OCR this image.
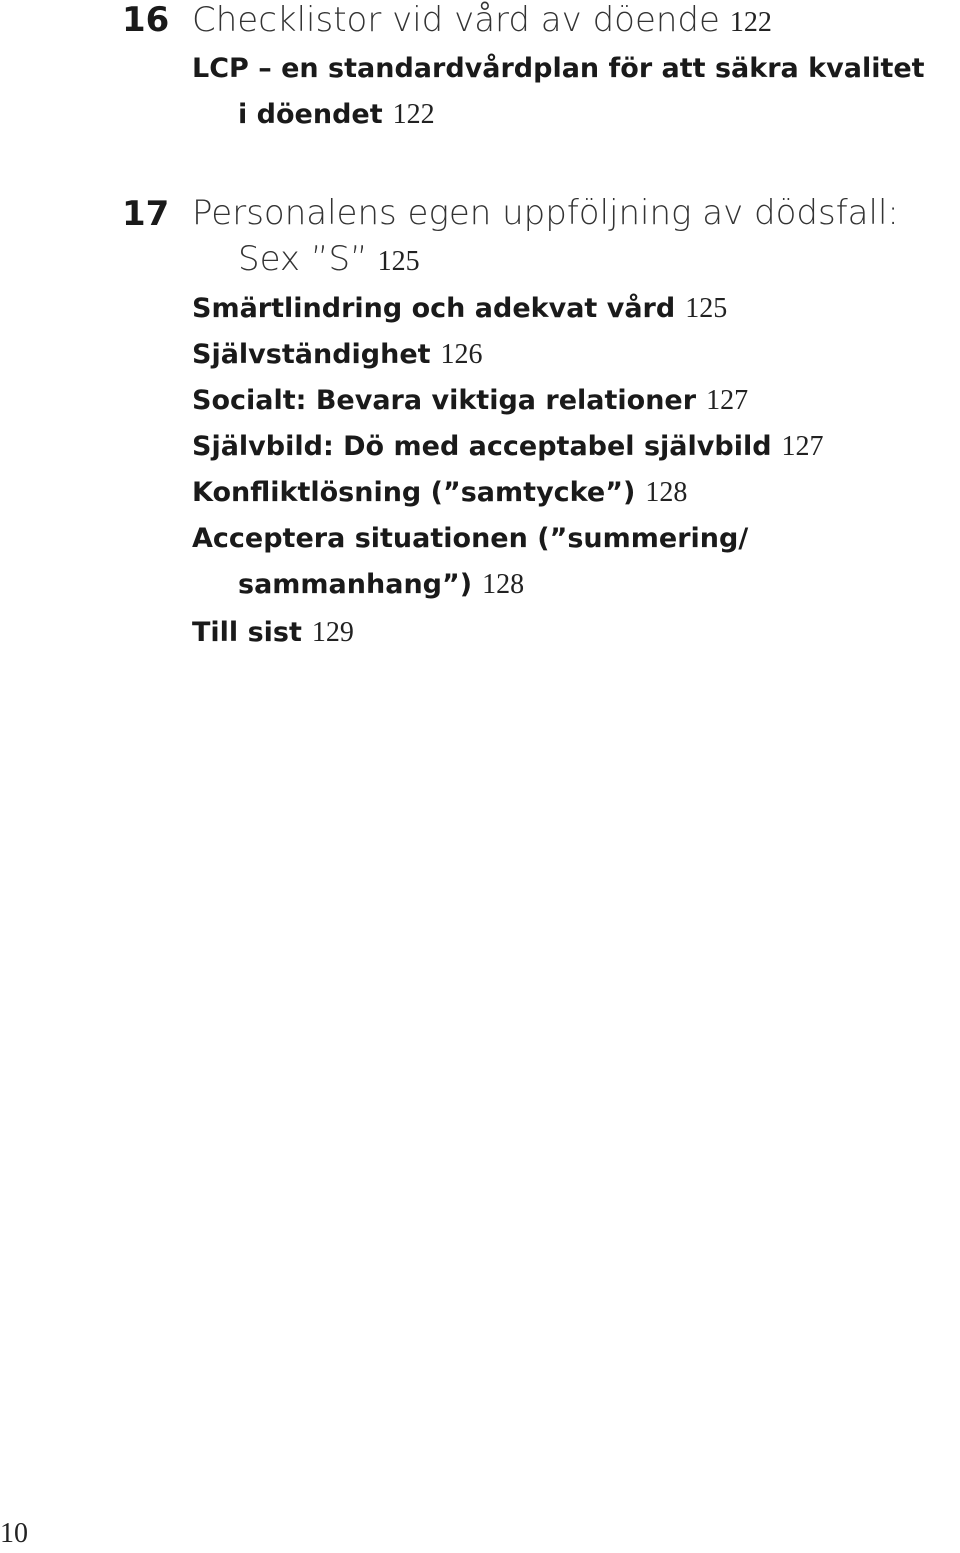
16 Checklistor vid vård av döende 122
LCP – en standardvårdplan för att säkra kvalitet
i döendet 122
17 Personalens egen uppföljning av dödsfall:
Sex ”S” 125
Smärtlindring och adekvat vård 125
Självständighet 126
Socialt: Bevara viktiga relationer 127
Självbild: Dö med acceptabel självbild 127
Konfliktlösning (”samtycke”) 128
Acceptera situationen (”summering/
sammanhang”) 128
Till sist 129
10
